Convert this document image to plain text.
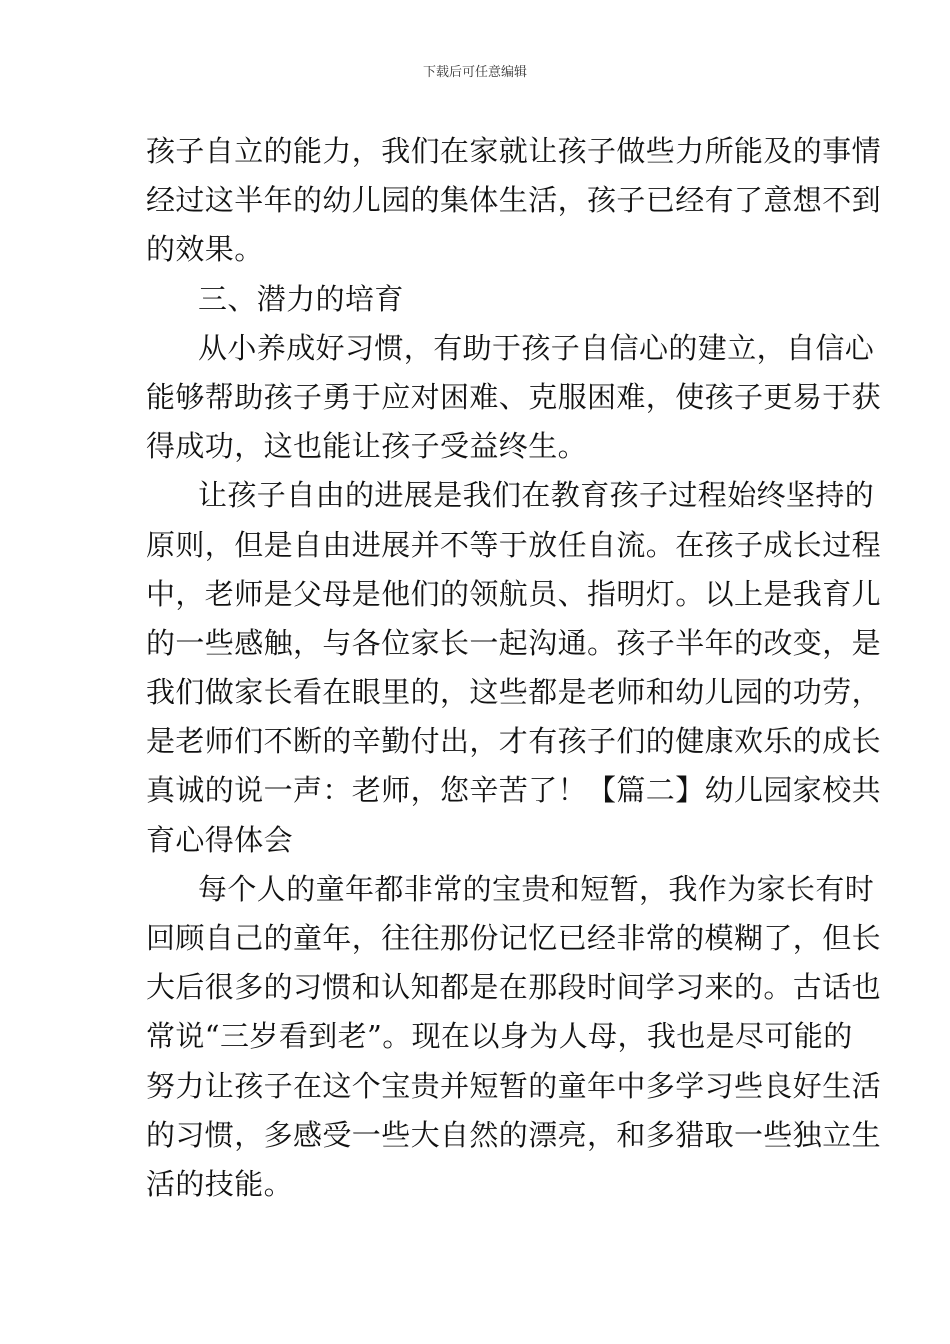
下载后可任意编辑
孩子自立的能力，我们在家就让孩子做些力所能及的事情
经过这半年的幼儿园的集体生活，孩子已经有了意想不到
的效果。
三、潜力的培育
从小养成好习惯，有助于孩子自信心的建立，自信心
能够帮助孩子勇于应对困难、克服困难，使孩子更易于获
得成功，这也能让孩子受益终生。
让孩子自由的进展是我们在教育孩子过程始终坚持的
原则，但是自由进展并不等于放任自流。在孩子成长过程
中，老师是父母是他们的领航员、指明灯。以上是我育儿
的一些感触，与各位家长一起沟通。孩子半年的改变，是
我们做家长看在眼里的，这些都是老师和幼儿园的功劳，
是老师们不断的辛勤付出，才有孩子们的健康欢乐的成长
真诚的说一声：老师，您辛苦了！【篇二】幼儿园家校共
育心得体会
每个人的童年都非常的宝贵和短暂，我作为家长有时
回顾自己的童年，往往那份记忆已经非常的模糊了，但长
大后很多的习惯和认知都是在那段时间学习来的。古话也
常说“三岁看到老”。现在以身为人母，我也是尽可能的
努力让孩子在这个宝贵并短暂的童年中多学习些良好生活
的习惯，多感受一些大自然的漂亮，和多猎取一些独立生
活的技能。
